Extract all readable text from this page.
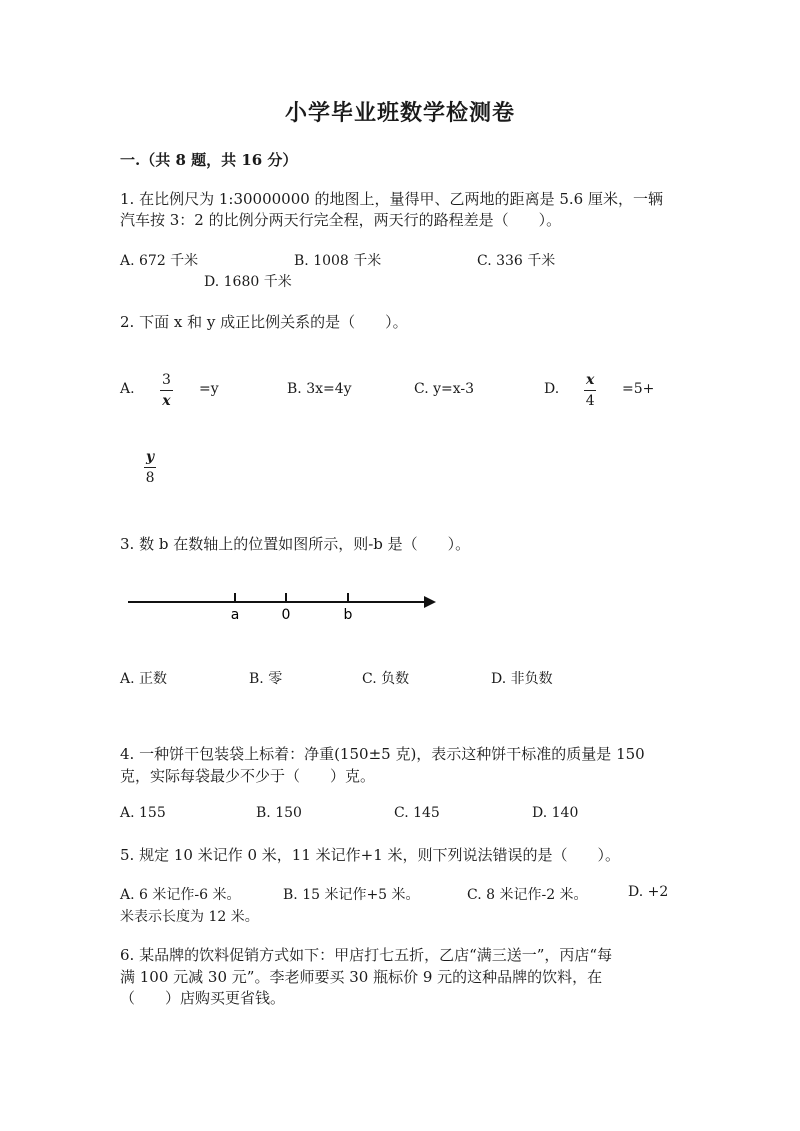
小学毕业班数学检测卷
一.（共 8 题，共 16 分）
1. 在比例尺为 1:30000000 的地图上，量得甲、乙两地的距离是 5.6 厘米，一辆
汽车按 3：2 的比例分两天行完全程，两天行的路程差是（　　）。
A. 672 千米	B. 1008 千米	C. 336 千米
D. 1680 千米
2. 下面 x 和 y 成正比例关系的是（　　）。
A. $\frac{3}{x} =y$	B. 3x=4y	C. y=x-3	D. $\frac{x}{4} =5+$
$\frac{y}{8}$
3. 数 b 在数轴上的位置如图所示，则-b 是（　　）。
a	0	b
A. 正数	B. 零	C. 负数	D. 非负数
4. 一种饼干包装袋上标着：净重(150±5 克)，表示这种饼干标准的质量是 150
克，实际每袋最少不少于（　　）克。
A. 155	B. 150	C. 145	D. 140
5. 规定 10 米记作 0 米，11 米记作+1 米，则下列说法错误的是（　　）。
A. 6 米记作-6 米。	B. 15 米记作+5 米。	C. 8 米记作-2 米。	D. +2
米表示长度为 12 米。
6. 某品牌的饮料促销方式如下：甲店打七五折，乙店“满三送一”，丙店“每
满 100 元减 30 元”。李老师要买 30 瓶标价 9 元的这种品牌的饮料，在
（　　）店购买更省钱。
